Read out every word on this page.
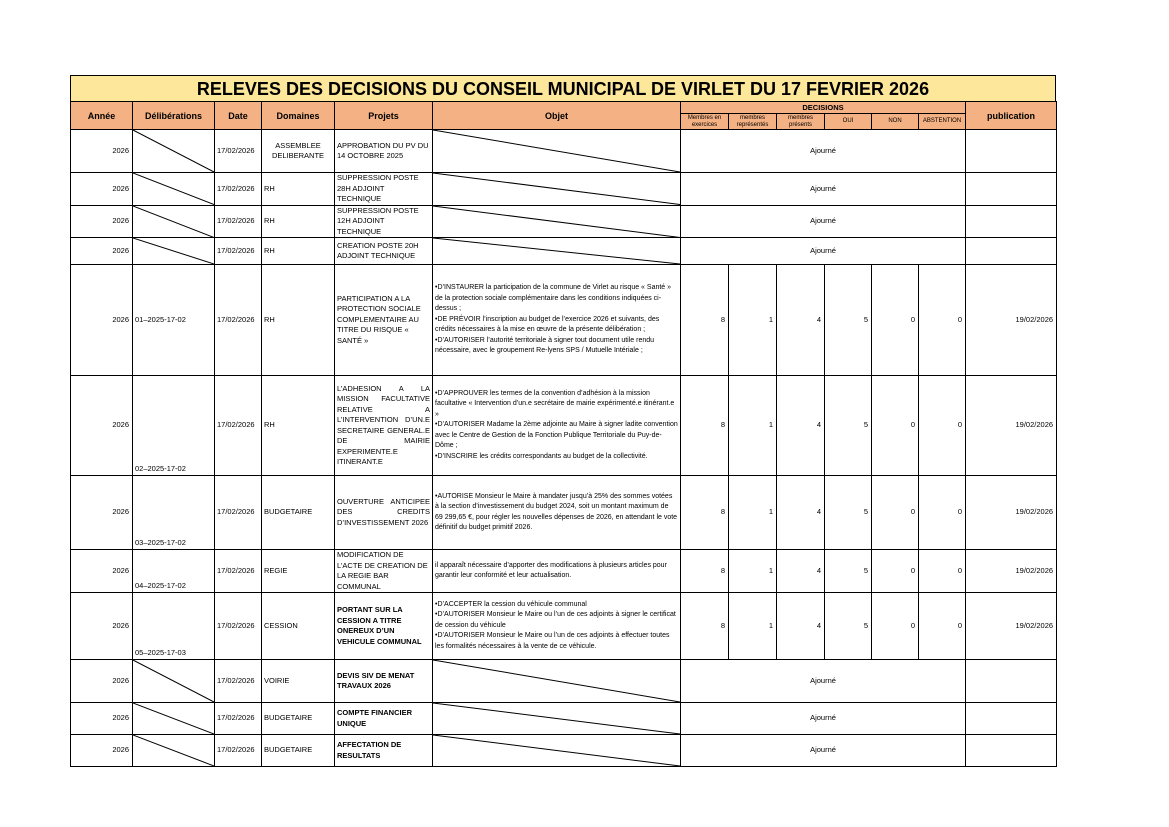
RELEVES DES DECISIONS DU CONSEIL MUNICIPAL DE VIRLET DU 17 FEVRIER 2026
Année	Délibérations	Date	Domaines	Projets	Objet	DECISIONS						publication
						Membres en exercices	membres représentés	membres présents	OUI	NON	ABSTENTION	
2026		17/02/2026	ASSEMBLEE DELIBERANTE	APPROBATION DU PV DU 14 OCTOBRE 2025		Ajourné						
2026		17/02/2026	RH	SUPPRESSION POSTE 28H ADJOINT TECHNIQUE		Ajourné						
2026		17/02/2026	RH	SUPPRESSION POSTE 12H ADJOINT TECHNIQUE		Ajourné						
2026		17/02/2026	RH	CREATION POSTE 20H ADJOINT TECHNIQUE		Ajourné						
2026	01–2025-17-02	17/02/2026	RH	PARTICIPATION A LA PROTECTION SOCIALE COMPLEMENTAIRE AU TITRE DU RISQUE « SANTÉ »	•D’INSTAURER la participation de la commune de Virlet au risque « Santé » de la protection sociale complémentaire dans les conditions indiquées ci-dessus ;
•DE PRÉVOIR l’inscription au budget de l’exercice 2026 et suivants, des crédits nécessaires à la mise en œuvre de la présente délibération ;
•D’AUTORISER l’autorité territoriale à signer tout document utile rendu nécessaire, avec le groupement Re-lyens SPS / Mutuelle Intériale ;	8	1	4	5	0	0	19/02/2026
2026	02–2025-17-02	17/02/2026	RH	L’ADHESION A LA MISSION FACULTATIVE RELATIVE A L’INTERVENTION D’UN.E SECRETAIRE GENERAL.E DE MAIRIE EXPERIMENTE.E ITINERANT.E	•D’APPROUVER les termes de la convention d’adhésion à la mission facultative « Intervention d’un.e secrétaire de mairie expérimenté.e itinérant.e »
•D’AUTORISER Madame la 2ème adjointe au Maire à signer ladite convention avec le Centre de Gestion de la Fonction Publique Territoriale du Puy-de-Dôme ;
•D’INSCRIRE les crédits correspondants au budget de la collectivité.	8	1	4	5	0	0	19/02/2026
2026	03–2025-17-02	17/02/2026	BUDGETAIRE	OUVERTURE ANTICIPEE DES CREDITS D’INVESTISSEMENT 2026	•AUTORISE Monsieur le Maire à mandater jusqu’à 25% des sommes votées à la section d’investissement du budget 2024, soit un montant maximum de 69 299,65 €, pour régler les nouvelles dépenses de 2026, en attendant le vote définitif du budget primitif 2026.	8	1	4	5	0	0	19/02/2026
2026	04–2025-17-02	17/02/2026	REGIE	MODIFICATION DE L’ACTE DE CREATION DE LA REGIE BAR COMMUNAL	il apparaît nécessaire d’apporter des modifications à plusieurs articles pour garantir leur conformité et leur actualisation.	8	1	4	5	0	0	19/02/2026
2026	05–2025-17-03	17/02/2026	CESSION	PORTANT SUR LA CESSION A TITRE ONEREUX D’UN VEHICULE COMMUNAL	•D’ACCEPTER la cession du véhicule communal
•D’AUTORISER Monsieur le Maire ou l’un de ces adjoints à signer le certificat de cession du véhicule
•D’AUTORISER Monsieur le Maire ou l’un de ces adjoints à effectuer toutes les formalités nécessaires à la vente de ce véhicule.	8	1	4	5	0	0	19/02/2026
2026		17/02/2026	VOIRIE	DEVIS SIV DE MENAT TRAVAUX 2026		Ajourné						
2026		17/02/2026	BUDGETAIRE	COMPTE FINANCIER UNIQUE		Ajourné						
2026		17/02/2026	BUDGETAIRE	AFFECTATION DE RESULTATS		Ajourné						
